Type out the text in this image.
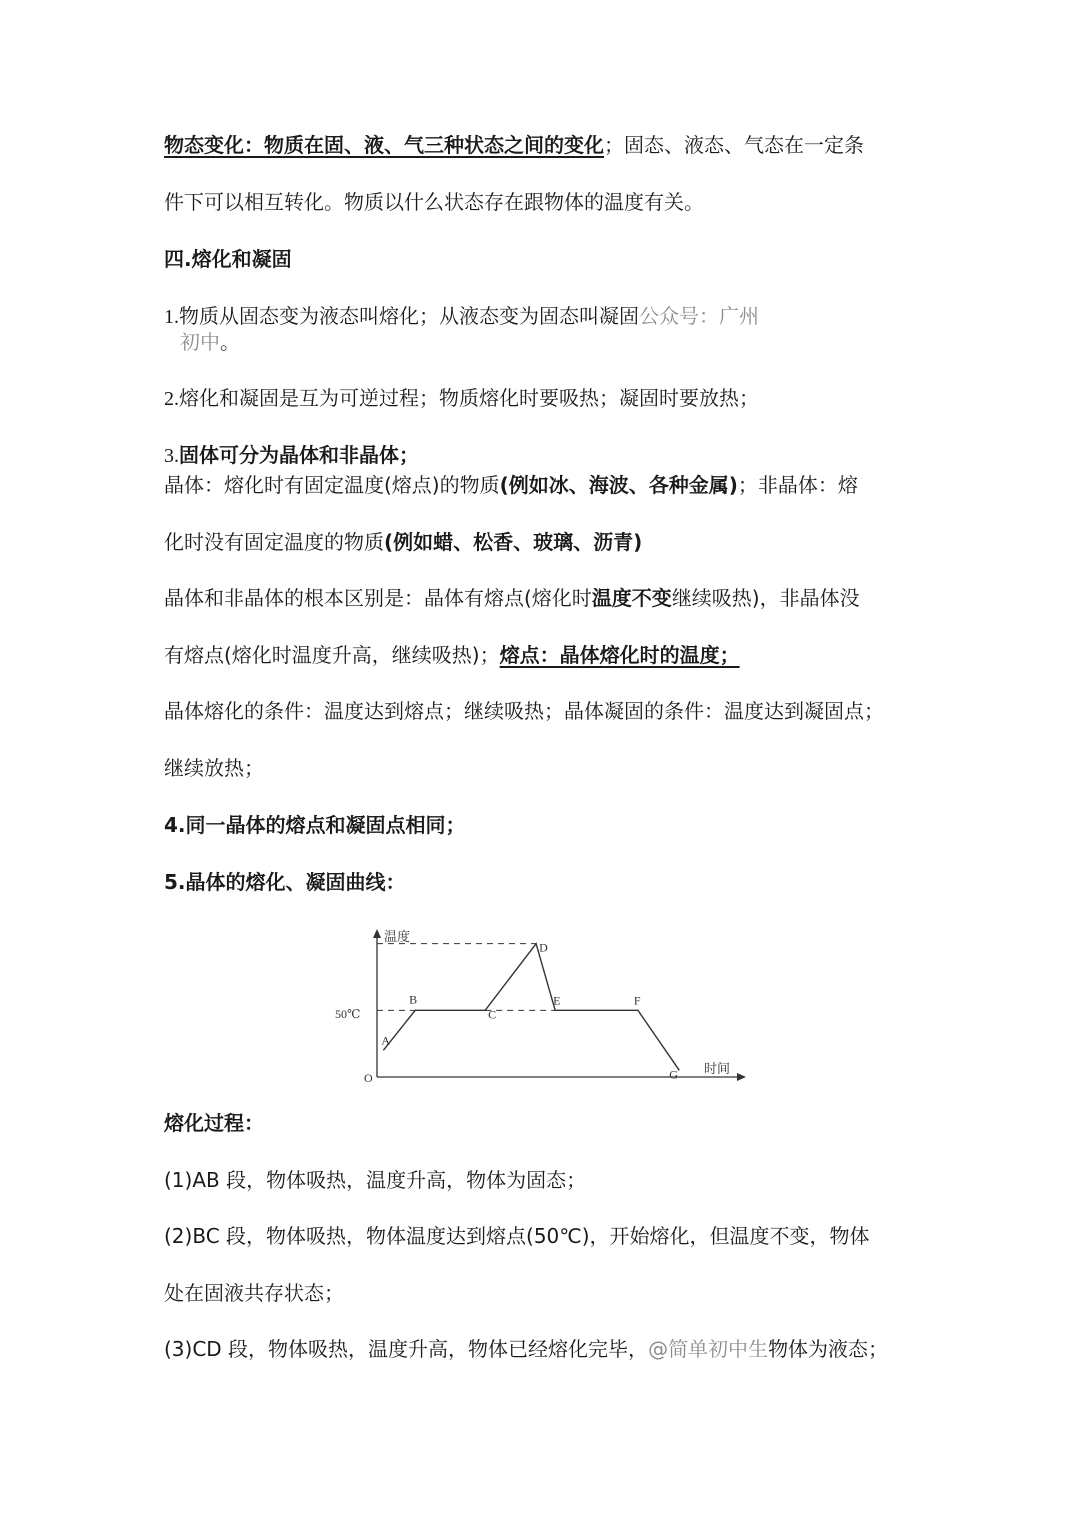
物态变化：物质在固、液、气三种状态之间的变化；固态、液态、气态在一定条
件下可以相互转化。物质以什么状态存在跟物体的温度有关。
四.熔化和凝固
1.物质从固态变为液态叫熔化；从液态变为固态叫凝固公众号：广州
初中。
2.熔化和凝固是互为可逆过程；物质熔化时要吸热；凝固时要放热；
3.固体可分为晶体和非晶体；
晶体：熔化时有固定温度(熔点)的物质(例如冰、海波、各种金属)；非晶体：熔
化时没有固定温度的物质(例如蜡、松香、玻璃、沥青)
晶体和非晶体的根本区别是：晶体有熔点(熔化时温度不变继续吸热)，非晶体没
有熔点(熔化时温度升高，继续吸热)；熔点：晶体熔化时的温度；
晶体熔化的条件：温度达到熔点；继续吸热；晶体凝固的条件：温度达到凝固点；
继续放热；
4.同一晶体的熔点和凝固点相同；
5.晶体的熔化、凝固曲线：
温度
时间
O
50℃
A
B
C
D
E	F
G
熔化过程：
(1)AB 段，物体吸热，温度升高，物体为固态；
(2)BC 段，物体吸热，物体温度达到熔点(50℃)，开始熔化，但温度不变，物体
处在固液共存状态；
(3)CD 段，物体吸热，温度升高，物体已经熔化完毕，@简单初中生物体为液态；
